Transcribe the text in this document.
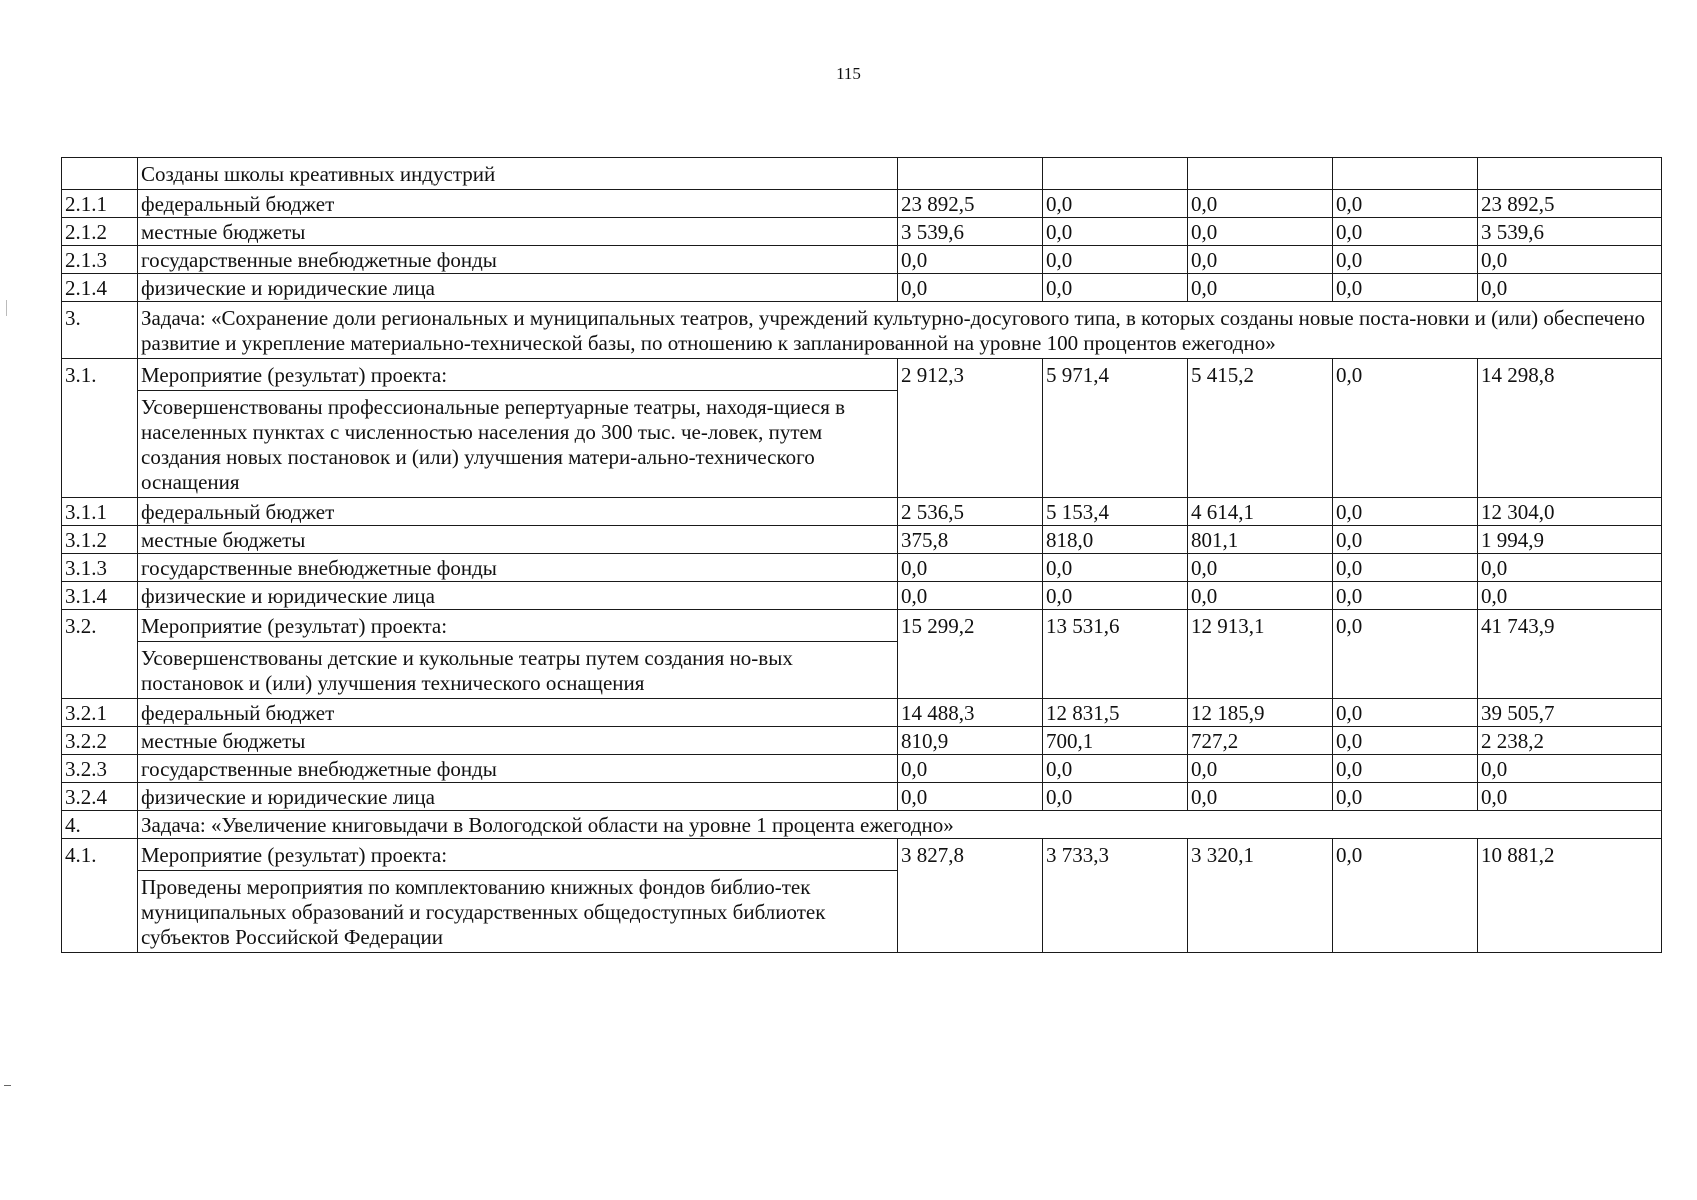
115
	Созданы школы креативных индустрий					
2.1.1	федеральный бюджет	23 892,5	0,0	0,0	0,0	23 892,5
2.1.2	местные бюджеты	3 539,6	0,0	0,0	0,0	3 539,6
2.1.3	государственные внебюджетные фонды	0,0	0,0	0,0	0,0	0,0
2.1.4	физические и юридические лица	0,0	0,0	0,0	0,0	0,0
3.	Задача: «Сохранение доли региональных и муниципальных театров, учреждений культурно-досугового типа, в которых созданы новые поста-новки и (или) обеспечено развитие и укрепление материально-технической базы, по отношению к запланированной на уровне 100 процентов ежегодно»					
3.1.	Мероприятие (результат) проекта:	2 912,3	5 971,4	5 415,2	0,0	14 298,8
	Усовершенствованы профессиональные репертуарные театры, находя-щиеся в населенных пунктах с численностью населения до 300 тыс. че-ловек, путем создания новых постановок и (или) улучшения матери-ально-технического оснащения					
3.1.1	федеральный бюджет	2 536,5	5 153,4	4 614,1	0,0	12 304,0
3.1.2	местные бюджеты	375,8	818,0	801,1	0,0	1 994,9
3.1.3	государственные внебюджетные фонды	0,0	0,0	0,0	0,0	0,0
3.1.4	физические и юридические лица	0,0	0,0	0,0	0,0	0,0
3.2.	Мероприятие (результат) проекта:	15 299,2	13 531,6	12 913,1	0,0	41 743,9
	Усовершенствованы детские и кукольные театры путем создания но-вых постановок и (или) улучшения технического оснащения					
3.2.1	федеральный бюджет	14 488,3	12 831,5	12 185,9	0,0	39 505,7
3.2.2	местные бюджеты	810,9	700,1	727,2	0,0	2 238,2
3.2.3	государственные внебюджетные фонды	0,0	0,0	0,0	0,0	0,0
3.2.4	физические и юридические лица	0,0	0,0	0,0	0,0	0,0
4.	Задача: «Увеличение книговыдачи в Вологодской области на уровне 1 процента ежегодно»					
4.1.	Мероприятие (результат) проекта:	3 827,8	3 733,3	3 320,1	0,0	10 881,2
	Проведены мероприятия по комплектованию книжных фондов библио-тек муниципальных образований и государственных общедоступных библиотек субъектов Российской Федерации					
